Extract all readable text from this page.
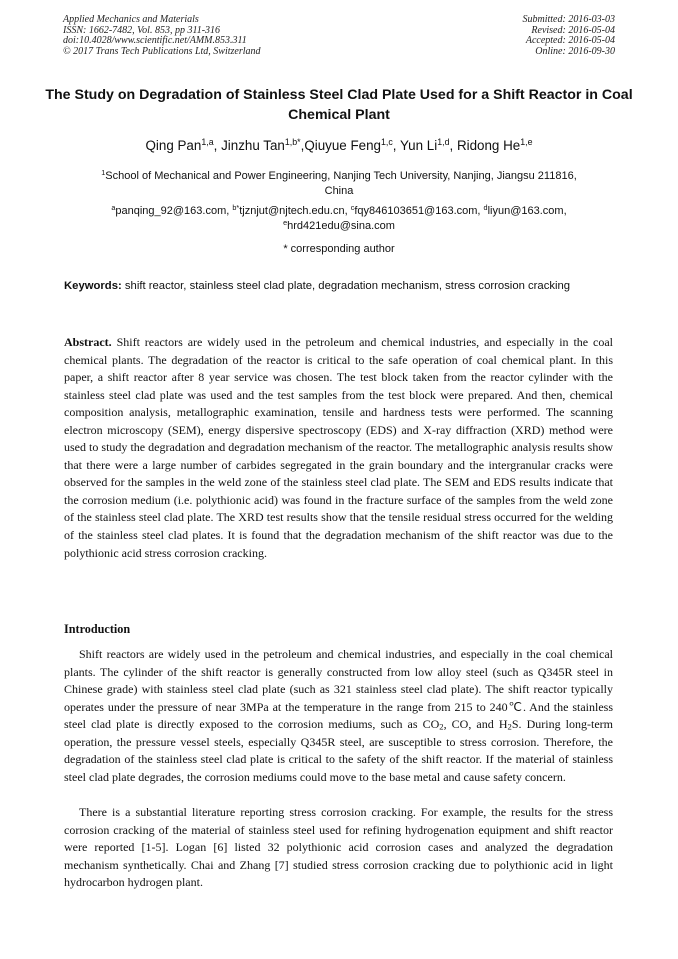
Applied Mechanics and Materials
ISSN: 1662-7482, Vol. 853, pp 311-316
doi:10.4028/www.scientific.net/AMM.853.311
© 2017 Trans Tech Publications Ltd, Switzerland
Submitted: 2016-03-03
Revised: 2016-05-04
Accepted: 2016-05-04
Online: 2016-09-30
The Study on Degradation of Stainless Steel Clad Plate Used for a Shift Reactor in Coal Chemical Plant
Qing Pan$^{1,a}$, Jinzhu Tan$^{1,b*}$,Qiuyue Feng$^{1,c}$, Yun Li$^{1,d}$, Ridong He$^{1,e}$
$^1$School of Mechanical and Power Engineering, Nanjing Tech University, Nanjing, Jiangsu 211816, China
$^a$panqing_92@163.com, $^{b*}$tjznjut@njtech.edu.cn, $^c$fqy846103651@163.com, $^d$liyun@163.com,
$^e$hrd421edu@sina.com
* corresponding author
Keywords: shift reactor, stainless steel clad plate, degradation mechanism, stress corrosion cracking
Abstract. Shift reactors are widely used in the petroleum and chemical industries, and especially in the coal chemical plants. The degradation of the reactor is critical to the safe operation of coal chemical plant. In this paper, a shift reactor after 8 year service was chosen. The test block taken from the reactor cylinder with the stainless steel clad plate was used and the test samples from the test block were prepared. And then, chemical composition analysis, metallographic examination, tensile and hardness tests were performed. The scanning electron microscopy (SEM), energy dispersive spectroscopy (EDS) and X-ray diffraction (XRD) method were used to study the degradation and degradation mechanism of the reactor. The metallographic analysis results show that there were a large number of carbides segregated in the grain boundary and the intergranular cracks were observed for the samples in the weld zone of the stainless steel clad plate. The SEM and EDS results indicate that the corrosion medium (i.e. polythionic acid) was found in the fracture surface of the samples from the weld zone of the stainless steel clad plate. The XRD test results show that the tensile residual stress occurred for the welding of the stainless steel clad plates. It is found that the degradation mechanism of the shift reactor was due to the polythionic acid stress corrosion cracking.
Introduction
Shift reactors are widely used in the petroleum and chemical industries, and especially in the coal chemical plants. The cylinder of the shift reactor is generally constructed from low alloy steel (such as Q345R steel in Chinese grade) with stainless steel clad plate (such as 321 stainless steel clad plate). The shift reactor typically operates under the pressure of near 3MPa at the temperature in the range from 215 to 240℃. And the stainless steel clad plate is directly exposed to the corrosion mediums, such as $CO_2$, CO, and $H_2S$. During long-term operation, the pressure vessel steels, especially Q345R steel, are susceptible to stress corrosion. Therefore, the degradation of the stainless steel clad plate is critical to the safety of the shift reactor. If the material of stainless steel clad plate degrades, the corrosion mediums could move to the base metal and cause safety concern.
There is a substantial literature reporting stress corrosion cracking. For example, the results for the stress corrosion cracking of the material of stainless steel used for refining hydrogenation equipment and shift reactor were reported [1-5]. Logan [6] listed 32 polythionic acid corrosion cases and analyzed the degradation mechanism synthetically. Chai and Zhang [7] studied stress corrosion cracking due to polythionic acid in light hydrocarbon hydrogen plant.
